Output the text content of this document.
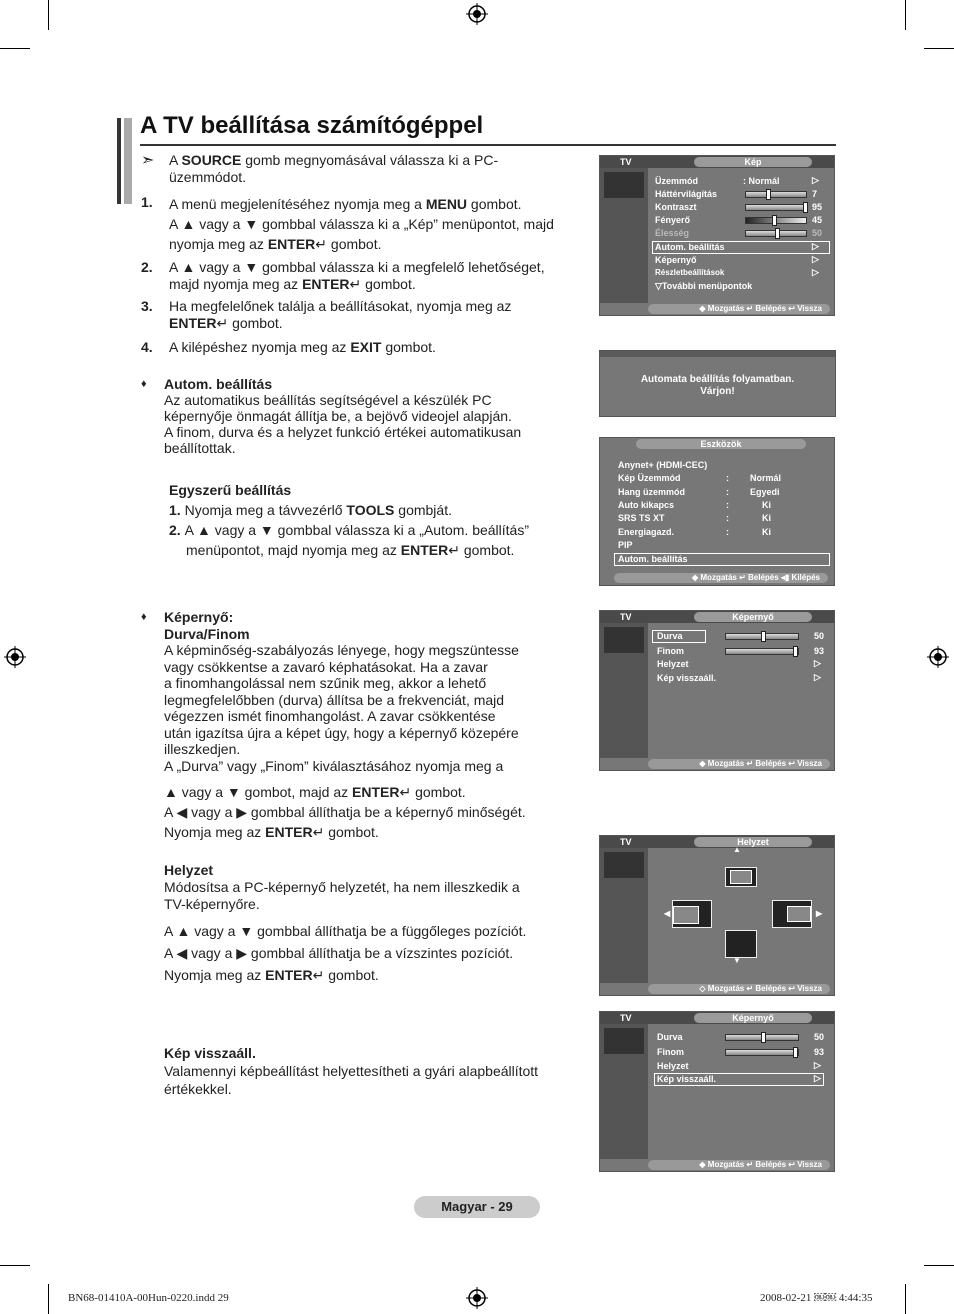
A TV beállítása számítógéppel
➣ A SOURCE gomb megnyomásával válassza ki a PC-
üzemmódot.
1. A menü megjelenítéséhez nyomja meg a MENU gombot.
A ▲ vagy a ▼ gombbal válassza ki a „Kép” menüpontot, majd
nyomja meg az ENTER↵ gombot.
2. A ▲ vagy a ▼ gombbal válassza ki a megfelelő lehetőséget,
majd nyomja meg az ENTER↵ gombot.
3. Ha megfelelőnek találja a beállításokat, nyomja meg az
ENTER↵ gombot.
4. A kilépéshez nyomja meg az EXIT gombot.
♦ Autom. beállítás
Az automatikus beállítás segítségével a készülék PC
képernyője önmagát állítja be, a bejövő videojel alapján.
A finom, durva és a helyzet funkció értékei automatikusan
beállítottak.
Egyszerű beállítás
1. Nyomja meg a távvezérlő TOOLS gombját.
2. A ▲ vagy a ▼ gombbal válassza ki a „Autom. beállítás”
menüpontot, majd nyomja meg az ENTER↵ gombot.
♦ Képernyő:
Durva/Finom
A képminőség-szabályozás lényege, hogy megszüntesse
vagy csökkentse a zavaró képhatásokat. Ha a zavar
a finomhangolással nem szűnik meg, akkor a lehető
legmegfelelőbben (durva) állítsa be a frekvenciát, majd
végezzen ismét finomhangolást. A zavar csökkentése
után igazítsa újra a képet úgy, hogy a képernyő közepére
illeszkedjen.
A „Durva” vagy „Finom” kiválasztásához nyomja meg a
▲ vagy a ▼ gombot, majd az ENTER↵ gombot.
A ◀ vagy a ▶ gombbal állíthatja be a képernyő minőségét.
Nyomja meg az ENTER↵ gombot.
Helyzet
Módosítsa a PC-képernyő helyzetét, ha nem illeszkedik a
TV-képernyőre.
A ▲ vagy a ▼ gombbal állíthatja be a függőleges pozíciót.
A ◀ vagy a ▶ gombbal állíthatja be a vízszintes pozíciót.
Nyomja meg az ENTER↵ gombot.
Kép visszaáll.
Valamennyi képbeállítást helyettesítheti a gyári alapbeállított
értékekkel.
TV	Kép
Üzemmód	: Normál	▷
Háttérvilágítás	7
Kontraszt	95
Fényerő	45
Élesség	50
Autom. beállítás	▷
Képernyő	▷
Részletbeállítások	▷
▽További menüpontok
◆ Mozgatás ↵ Belépés ↩ Vissza
Automata beállítás folyamatban.
Várjon!
Eszközök
Anynet+ (HDMI-CEC)
Kép Üzemmód	: Normál
Hang üzemmód	: Egyedi
Auto kikapcs	:	Ki
SRS TS XT	:	Ki
Energiagazd.	:	Ki
PIP
Autom. beállítás
◆ Mozgatás ↵ Belépés ◂▮ Kilépés
TV	Képernyő
Durva	50
Finom	93
Helyzet	▷
Kép visszaáll.	▷
◆ Mozgatás ↵ Belépés ↩ Vissza
TV	Helyzet
▲
◀	▶
▼
◇ Mozgatás ↵ Belépés ↩ Vissza
TV	Képernyő
Durva	50
Finom	93
Helyzet	▷
Kép visszaáll.	▷
◆ Mozgatás ↵ Belépés ↩ Vissza
Magyar - 29
BN68-01410A-00Hun-0220.indd 29	2008-02-21 ￼￼ 4:44:35
